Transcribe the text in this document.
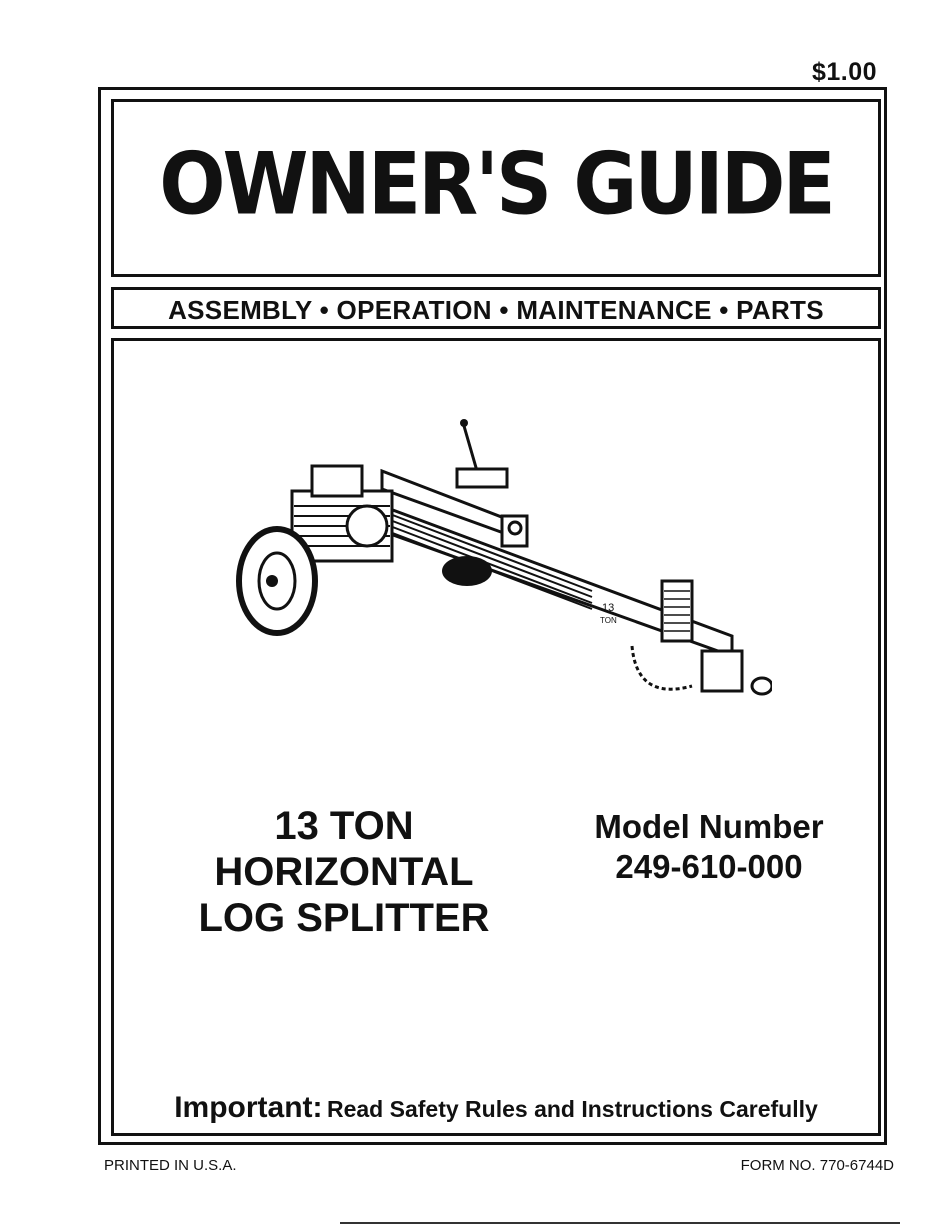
$1.00
OWNER'S GUIDE
ASSEMBLY • OPERATION • MAINTENANCE • PARTS
13
TON
13 TON
HORIZONTAL
LOG SPLITTER
Model Number
249-610-000
Important: Read Safety Rules and Instructions Carefully
PRINTED IN U.S.A.	FORM NO. 770-6744D
